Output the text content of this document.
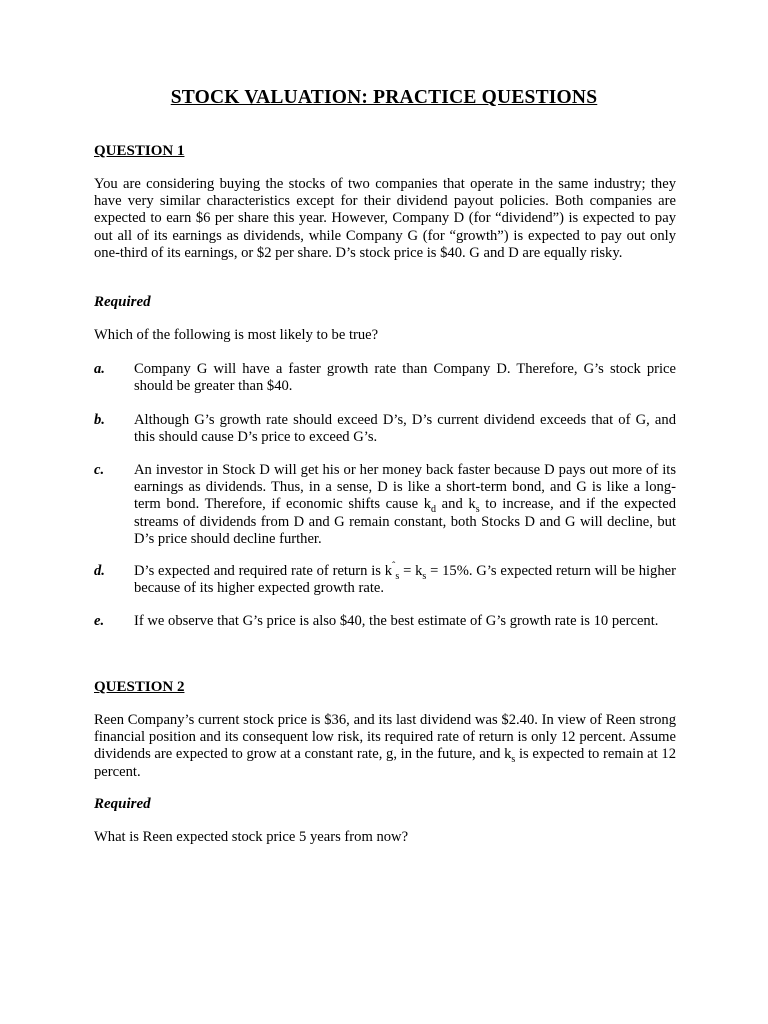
STOCK VALUATION: PRACTICE QUESTIONS
QUESTION 1
You are considering buying the stocks of two companies that operate in the same industry; they have very similar characteristics except for their dividend payout policies. Both companies are expected to earn $6 per share this year. However, Company D (for “dividend”) is expected to pay out all of its earnings as dividends, while Company G (for “growth”) is expected to pay out only one-third of its earnings, or $2 per share. D’s stock price is $40. G and D are equally risky.
Required
Which of the following is most likely to be true?
a. Company G will have a faster growth rate than Company D. Therefore, G’s stock price should be greater than $40.
b. Although G’s growth rate should exceed D’s, D’s current dividend exceeds that of G, and this should cause D’s price to exceed G’s.
c. An investor in Stock D will get his or her money back faster because D pays out more of its earnings as dividends. Thus, in a sense, D is like a short-term bond, and G is like a long-term bond. Therefore, if economic shifts cause $k_d$ and $k_s$ to increase, and if the expected streams of dividends from D and G remain constant, both Stocks D and G will decline, but D’s price should decline further.
d. D’s expected and required rate of return is $k^ˆ_s = k_s = 15\%$. G’s expected return will be higher because of its higher expected growth rate.
e. If we observe that G’s price is also $40, the best estimate of G’s growth rate is 10 percent.
QUESTION 2
Reen Company’s current stock price is $36, and its last dividend was $2.40. In view of Reen strong financial position and its consequent low risk, its required rate of return is only 12 percent. Assume dividends are expected to grow at a constant rate, g, in the future, and $k_s$ is expected to remain at 12 percent.
Required
What is Reen expected stock price 5 years from now?
